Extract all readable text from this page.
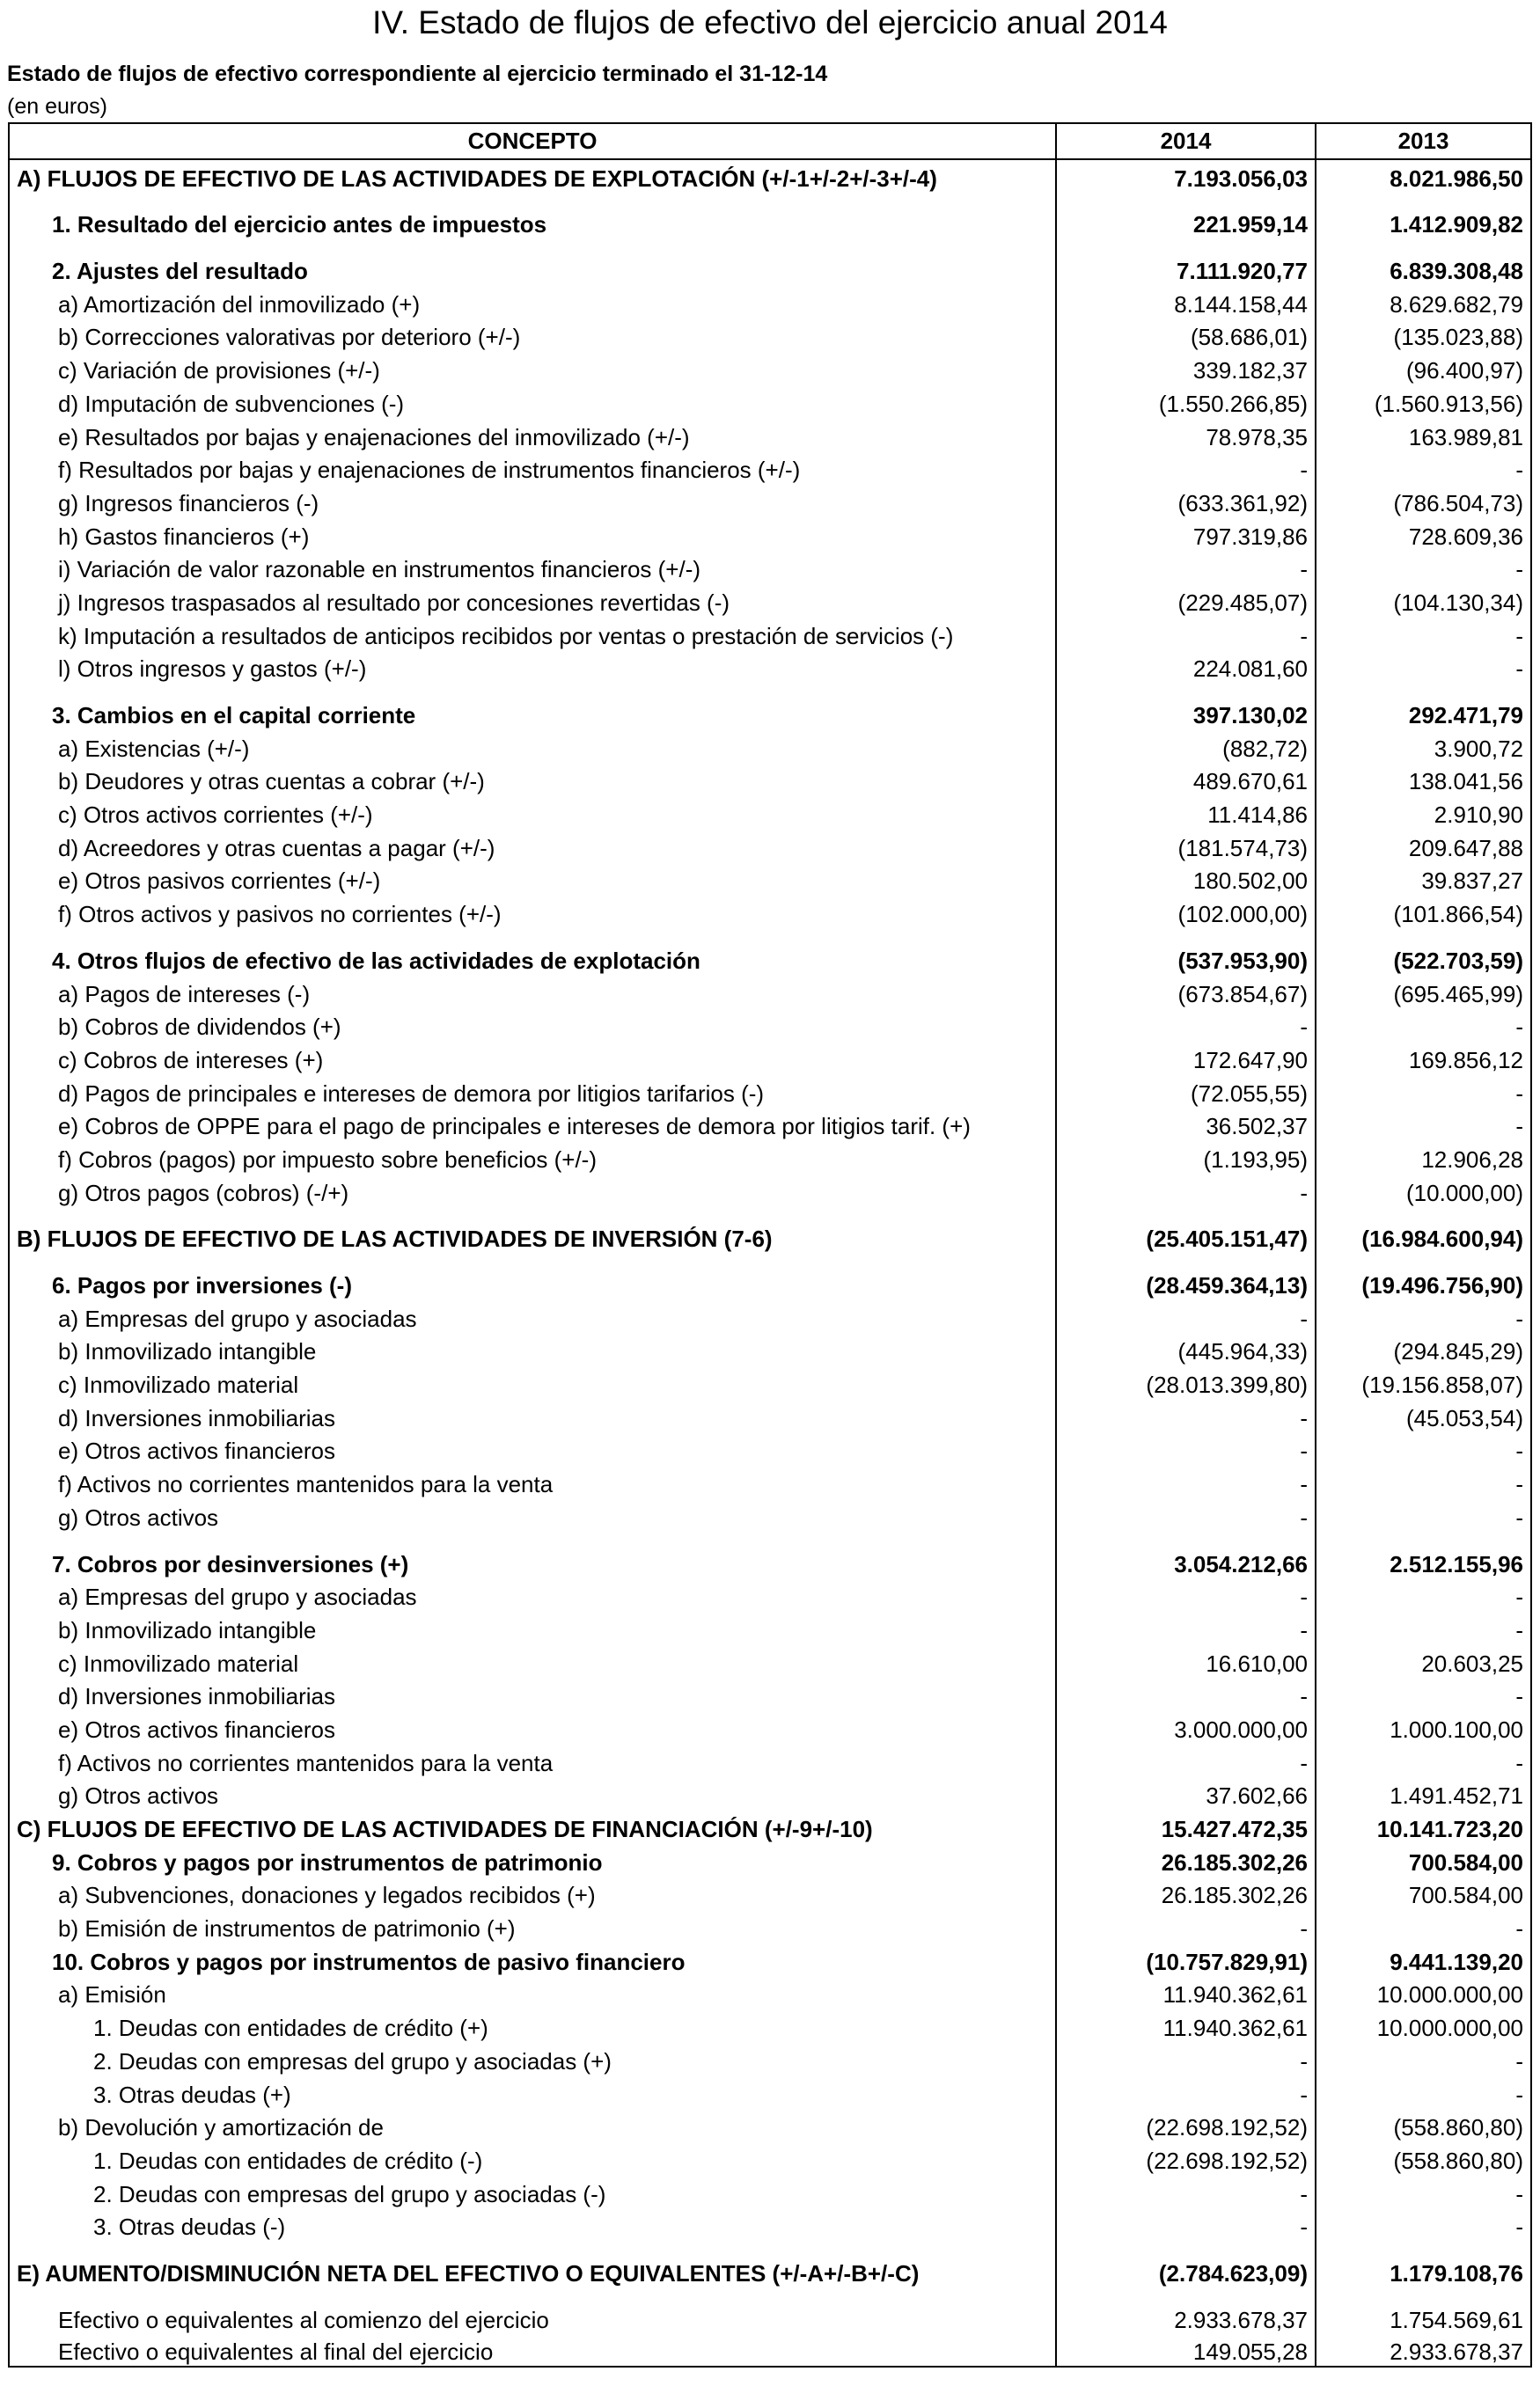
IV. Estado de flujos de efectivo del ejercicio anual 2014

Estado de flujos de efectivo correspondiente al ejercicio terminado el 31-12-14

(en euros)

CONCEPTO	2014	2013
A) FLUJOS DE EFECTIVO DE LAS ACTIVIDADES DE EXPLOTACIÓN (+/-1+/-2+/-3+/-4)	7.193.056,03	8.021.986,50
1. Resultado del ejercicio antes de impuestos	221.959,14	1.412.909,82
2. Ajustes del resultado	7.111.920,77	6.839.308,48
a) Amortización del inmovilizado (+)	8.144.158,44	8.629.682,79
b) Correcciones valorativas por deterioro (+/-)	(58.686,01)	(135.023,88)
c) Variación de provisiones (+/-)	339.182,37	(96.400,97)
d) Imputación de subvenciones (-)	(1.550.266,85)	(1.560.913,56)
e) Resultados por bajas y enajenaciones del inmovilizado (+/-)	78.978,35	163.989,81
f) Resultados por bajas y enajenaciones de instrumentos financieros (+/-)	-	-
g) Ingresos financieros (-)	(633.361,92)	(786.504,73)
h) Gastos financieros (+)	797.319,86	728.609,36
i) Variación de valor razonable en instrumentos financieros (+/-)	-	-
j) Ingresos traspasados al resultado por concesiones revertidas (-)	(229.485,07)	(104.130,34)
k) Imputación a resultados de anticipos recibidos por ventas o prestación de servicios (-)	-	-
l) Otros ingresos y gastos (+/-)	224.081,60	-
3. Cambios en el capital corriente	397.130,02	292.471,79
a) Existencias (+/-)	(882,72)	3.900,72
b) Deudores y otras cuentas a cobrar (+/-)	489.670,61	138.041,56
c) Otros activos corrientes (+/-)	11.414,86	2.910,90
d) Acreedores y otras cuentas a pagar (+/-)	(181.574,73)	209.647,88
e) Otros pasivos corrientes (+/-)	180.502,00	39.837,27
f) Otros activos y pasivos no corrientes (+/-)	(102.000,00)	(101.866,54)
4. Otros flujos de efectivo de las actividades de explotación	(537.953,90)	(522.703,59)
a) Pagos de intereses (-)	(673.854,67)	(695.465,99)
b) Cobros de dividendos (+)	-	-
c) Cobros de intereses (+)	172.647,90	169.856,12
d) Pagos de principales e intereses de demora por litigios tarifarios (-)	(72.055,55)	-
e) Cobros de OPPE para el pago de principales e intereses de demora por litigios tarif. (+)	36.502,37	-
f) Cobros (pagos) por impuesto sobre beneficios (+/-)	(1.193,95)	12.906,28
g) Otros pagos (cobros) (-/+)	-	(10.000,00)
B) FLUJOS DE EFECTIVO DE LAS ACTIVIDADES DE INVERSIÓN (7-6)	(25.405.151,47)	(16.984.600,94)
6. Pagos por inversiones (-)	(28.459.364,13)	(19.496.756,90)
a) Empresas del grupo y asociadas	-	-
b) Inmovilizado intangible	(445.964,33)	(294.845,29)
c) Inmovilizado material	(28.013.399,80)	(19.156.858,07)
d) Inversiones inmobiliarias	-	(45.053,54)
e) Otros activos financieros	-	-
f) Activos no corrientes mantenidos para la venta	-	-
g) Otros activos	-	-
7. Cobros por desinversiones (+)	3.054.212,66	2.512.155,96
a) Empresas del grupo y asociadas	-	-
b) Inmovilizado intangible	-	-
c) Inmovilizado material	16.610,00	20.603,25
d) Inversiones inmobiliarias	-	-
e) Otros activos financieros	3.000.000,00	1.000.100,00
f) Activos no corrientes mantenidos para la venta	-	-
g) Otros activos	37.602,66	1.491.452,71
C) FLUJOS DE EFECTIVO DE LAS ACTIVIDADES DE FINANCIACIÓN (+/-9+/-10)	15.427.472,35	10.141.723,20
9. Cobros y pagos por instrumentos de patrimonio	26.185.302,26	700.584,00
a) Subvenciones, donaciones y legados recibidos (+)	26.185.302,26	700.584,00
b) Emisión de instrumentos de patrimonio (+)	-	-
10. Cobros y pagos por instrumentos de pasivo financiero	(10.757.829,91)	9.441.139,20
a) Emisión	11.940.362,61	10.000.000,00
1. Deudas con entidades de crédito (+)	11.940.362,61	10.000.000,00
2. Deudas con empresas del grupo y asociadas (+)	-	-
3. Otras deudas (+)	-	-
b) Devolución y amortización de	(22.698.192,52)	(558.860,80)
1. Deudas con entidades de crédito (-)	(22.698.192,52)	(558.860,80)
2. Deudas con empresas del grupo y asociadas (-)	-	-
3. Otras deudas (-)	-	-
E) AUMENTO/DISMINUCIÓN NETA DEL EFECTIVO O EQUIVALENTES (+/-A+/-B+/-C)	(2.784.623,09)	1.179.108,76
Efectivo o equivalentes al comienzo del ejercicio	2.933.678,37	1.754.569,61
Efectivo o equivalentes al final del ejercicio	149.055,28	2.933.678,37
